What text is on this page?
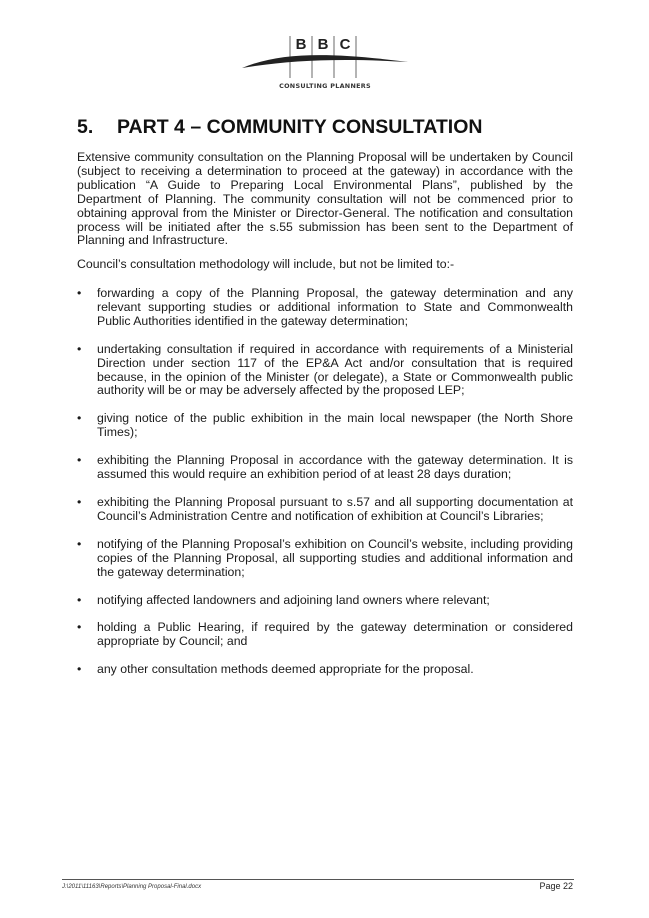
B B C
CONSULTING PLANNERS
5. PART 4 – COMMUNITY CONSULTATION

Extensive community consultation on the Planning Proposal will be undertaken by Council (subject to receiving a determination to proceed at the gateway) in accordance with the publication “A Guide to Preparing Local Environmental Plans”, published by the Department of Planning. The community consultation will not be commenced prior to obtaining approval from the Minister or Director-General. The notification and consultation process will be initiated after the s.55 submission has been sent to the Department of Planning and Infrastructure.

Council’s consultation methodology will include, but not be limited to:-

• forwarding a copy of the Planning Proposal, the gateway determination and any relevant supporting studies or additional information to State and Commonwealth Public Authorities identified in the gateway determination;
• undertaking consultation if required in accordance with requirements of a Ministerial Direction under section 117 of the EP&A Act and/or consultation that is required because, in the opinion of the Minister (or delegate), a State or Commonwealth public authority will be or may be adversely affected by the proposed LEP;
• giving notice of the public exhibition in the main local newspaper (the North Shore Times);
• exhibiting the Planning Proposal in accordance with the gateway determination. It is assumed this would require an exhibition period of at least 28 days duration;
• exhibiting the Planning Proposal pursuant to s.57 and all supporting documentation at Council’s Administration Centre and notification of exhibition at Council’s Libraries;
• notifying of the Planning Proposal’s exhibition on Council’s website, including providing copies of the Planning Proposal, all supporting studies and additional information and the gateway determination;
• notifying affected landowners and adjoining land owners where relevant;
• holding a Public Hearing, if required by the gateway determination or considered appropriate by Council; and
• any other consultation methods deemed appropriate for the proposal.
J:\2011\11163\Reports\Planning Proposal-Final.docx	Page 22
